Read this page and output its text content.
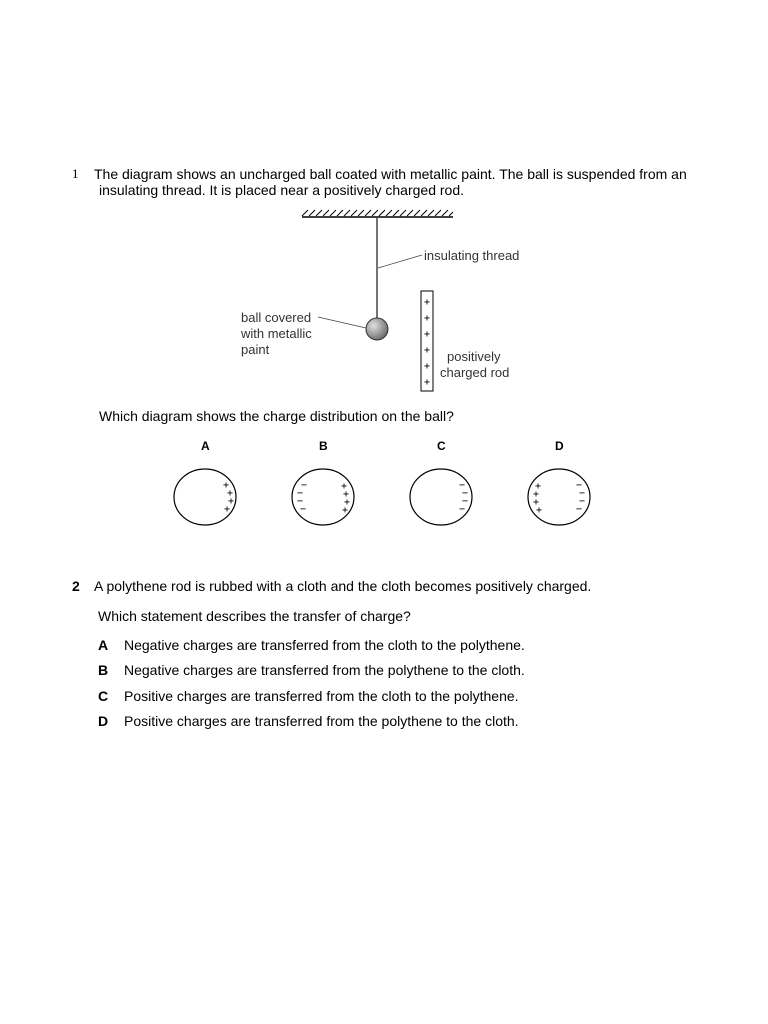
1 The diagram shows an uncharged ball coated with metallic paint. The ball is suspended from an
insulating thread. It is placed near a positively charged rod.
+
+
+
+
+
+
insulating thread
ball covered
with metallic
paint	positively
charged rod
Which diagram shows the charge distribution on the ball?
A	B	C	D
+
+
+
+
−
−
−
−
+
+
+
+
−
−
−
−
+
+
+
+
−
−
−
−
2 A polythene rod is rubbed with a cloth and the cloth becomes positively charged.
Which statement describes the transfer of charge?
A Negative charges are transferred from the cloth to the polythene.
B Negative charges are transferred from the polythene to the cloth.
C Positive charges are transferred from the cloth to the polythene.
D Positive charges are transferred from the polythene to the cloth.
